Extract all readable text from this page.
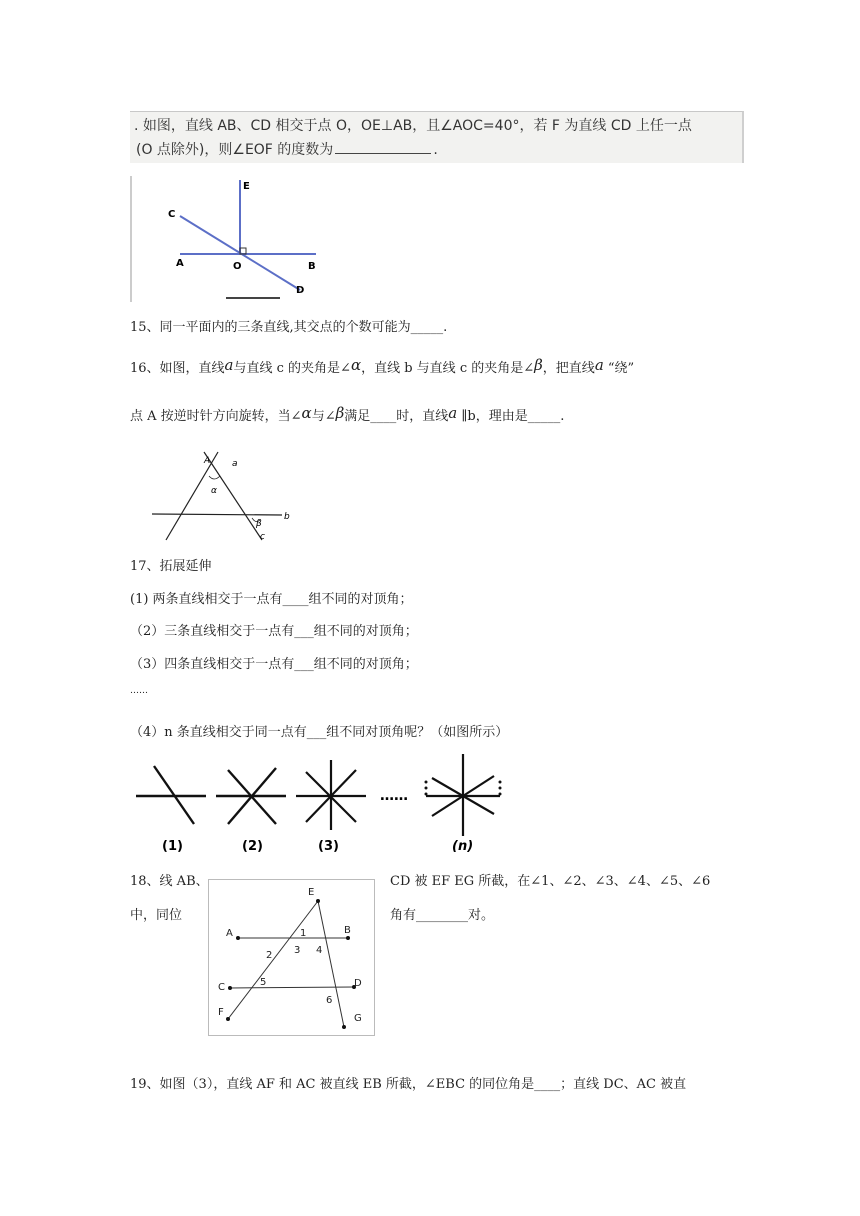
. 如图，直线 AB、CD 相交于点 O，OE⊥AB，且∠AOC=40°，若 F 为直线 CD 上任一点
(O 点除外)，则∠EOF 的度数为	.
E
C
A	O	B
D
15、同一平面内的三条直线,其交点的个数可能为_____.
16、如图，直线a与直线 c 的夹角是∠α，直线 b 与直线 c 的夹角是∠β，把直线a “绕”
点 A 按逆时针方向旋转，当∠α与∠β满足____时，直线a ∥b，理由是_____.
A a
α
β
b
c
17、拓展延伸
(1) 两条直线相交于一点有____组不同的对顶角；
（2）三条直线相交于一点有___组不同的对顶角；
（3）四条直线相交于一点有___组不同的对顶角；
……
（4）n 条直线相交于同一点有___组不同对顶角呢？（如图所示）
……
(1)	(2)	(3)	(n)
18、线 AB、
中，同位
CD 被 EF EG 所截，在∠1、∠2、∠3、∠4、∠5、∠6
角有________对。
E
A	B
C	D
F
G
1
2 3 4
5
6
19、如图（3），直线 AF 和 AC 被直线 EB 所截，∠EBC 的同位角是____；直线 DC、AC 被直
